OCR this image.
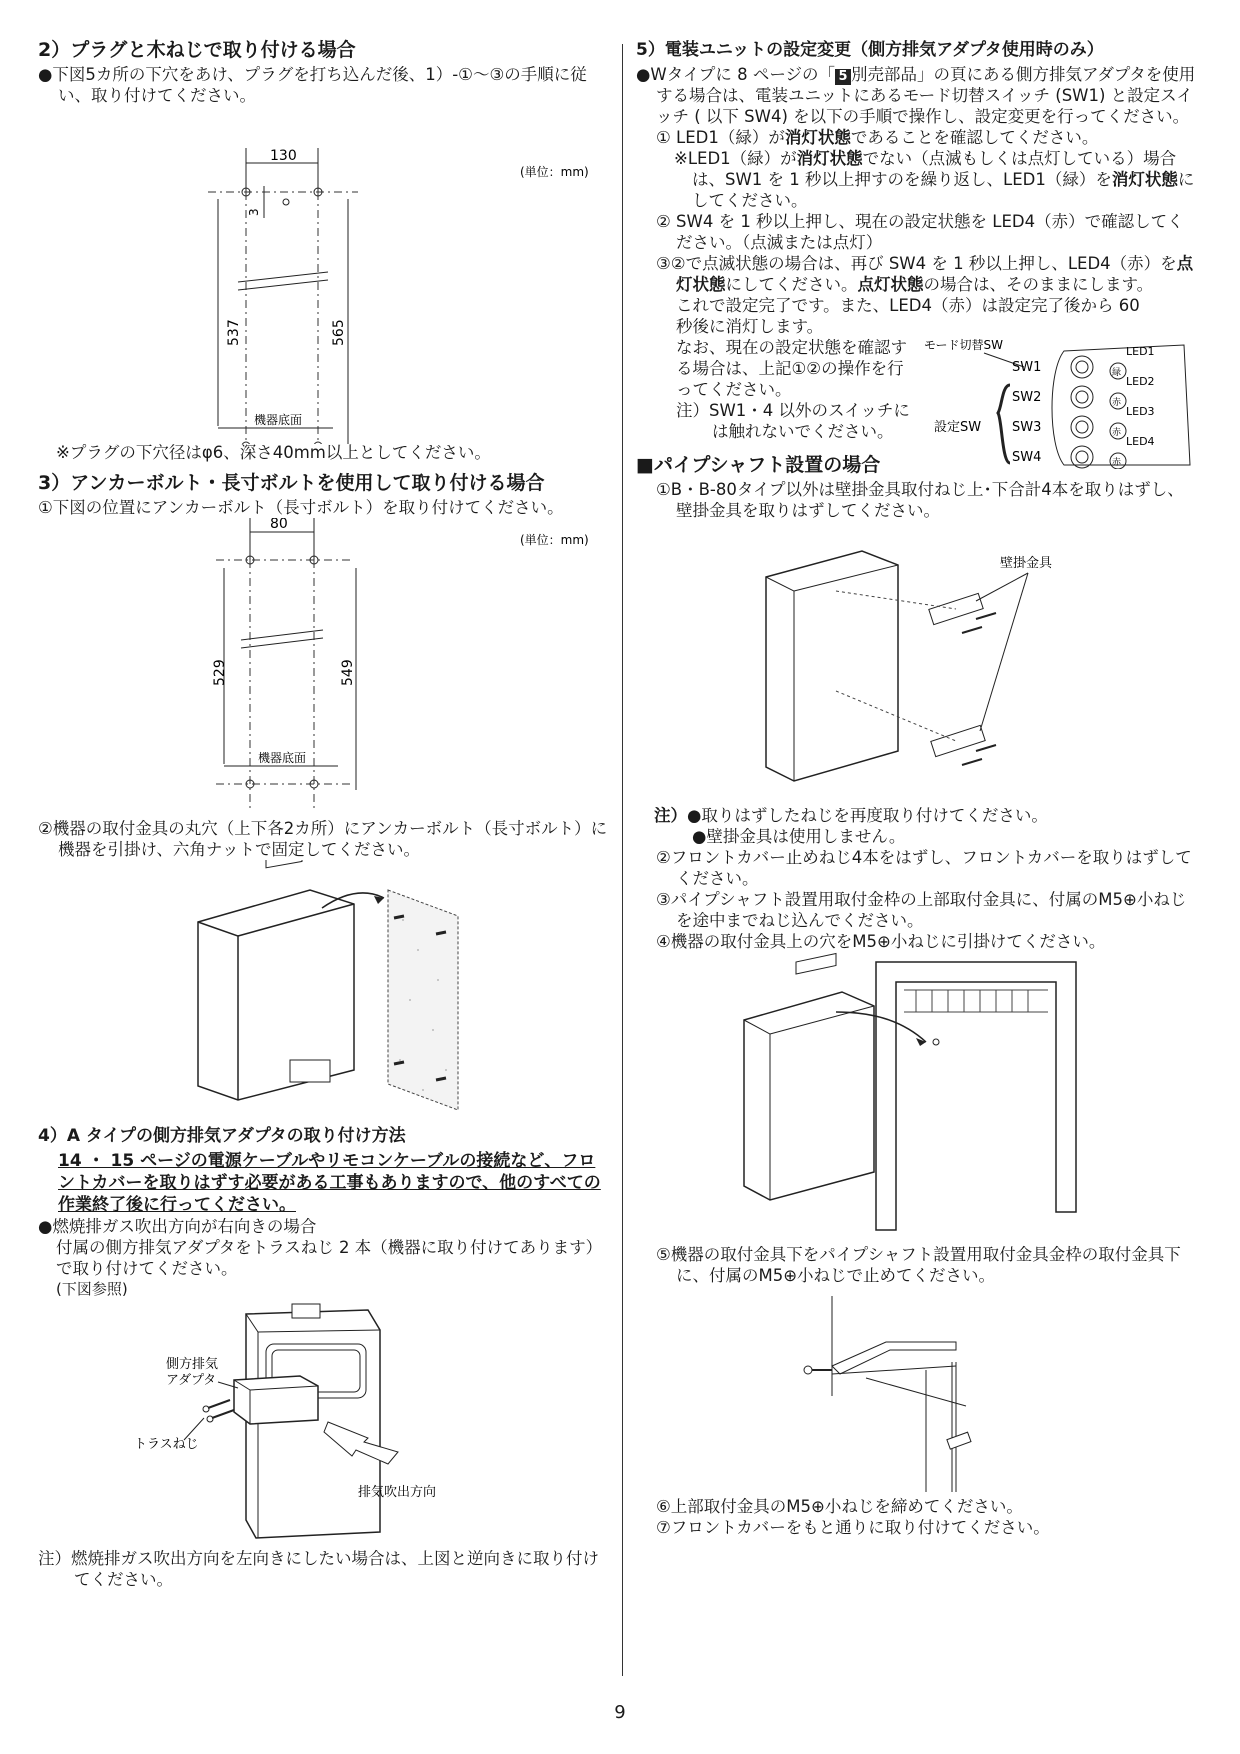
2）プラグと木ねじで取り付ける場合

●下図5カ所の下穴をあけ、プラグを打ち込んだ後、1）-①〜③の手順に従い、取り付けてください。

(単位：mm)
130
3
537	565
機器底面

※プラグの下穴径はφ6、深さ40mm以上としてください。

3）アンカーボルト・長寸ボルトを使用して取り付ける場合

①下図の位置にアンカーボルト（長寸ボルト）を取り付けてください。

(単位：mm)
80
529	549
機器底面

②機器の取付金具の丸穴（上下各2カ所）にアンカーボルト（長寸ボルト）に機器を引掛け、六角ナットで固定してください。

4）A タイプの側方排気アダプタの取り付け方法

14 ・ 15 ページの電源ケーブルやリモコンケーブルの接続など、フロントカバーを取りはずす必要がある工事もありますので、他のすべての作業終了後に行ってください。

●燃焼排ガス吹出方向が右向きの場合

付属の側方排気アダプタをトラスねじ 2 本（機器に取り付けてあります）で取り付けてください。

(下図参照)

側方排気
アダプタ
トラスねじ
排気吹出方向

注）燃焼排ガス吹出方向を左向きにしたい場合は、上図と逆向きに取り付けてください。

5）電装ユニットの設定変更（側方排気アダプタ使用時のみ）

●Wタイプに 8 ページの「 5 別売部品」の頁にある側方排気アダプタを使用する場合は、電装ユニットにあるモード切替スイッチ (SW1) と設定スイッチ ( 以下 SW4) を以下の手順で操作し、設定変更を行ってください。

① LED1（緑）が消灯状態であることを確認してください。

※LED1（緑）が消灯状態でない（点滅もしくは点灯している）場合は、SW1 を 1 秒以上押すのを繰り返し、LED1（緑）を消灯状態にしてください。

② SW4 を 1 秒以上押し、現在の設定状態を LED4（赤）で確認してください。（点滅または点灯）

③②で点滅状態の場合は、再び SW4 を 1 秒以上押し、LED4（赤）を点灯状態にしてください。点灯状態の場合は、そのままにします。

これで設定完了です。また、LED4（赤）は設定完了後から 60 秒後に消灯します。

なお、現在の設定状態を確認する場合は、上記①②の操作を行ってください。

注）SW1・4 以外のスイッチには触れないでください。

モード切替SW
SW1
SW2
SW3
SW4
設定SW
LED1
LED2
LED3
LED4
緑
赤
赤
赤
■パイプシャフト設置の場合

①B・B-80タイプ以外は壁掛金具取付ねじ上･下合計4本を取りはずし、壁掛金具を取りはずしてください。

壁掛金具

注）●取りはずしたねじを再度取り付けてください。

●壁掛金具は使用しません。

②フロントカバー止めねじ4本をはずし、フロントカバーを取りはずしてください。

③パイプシャフト設置用取付金枠の上部取付金具に、付属のM5⊕小ねじを途中までねじ込んでください。

④機器の取付金具上の穴をM5⊕小ねじに引掛けてください。

⑤機器の取付金具下をパイプシャフト設置用取付金具金枠の取付金具下に、付属のM5⊕小ねじで止めてください。

⑥上部取付金具のM5⊕小ねじを締めてください。

⑦フロントカバーをもと通りに取り付けてください。

9
